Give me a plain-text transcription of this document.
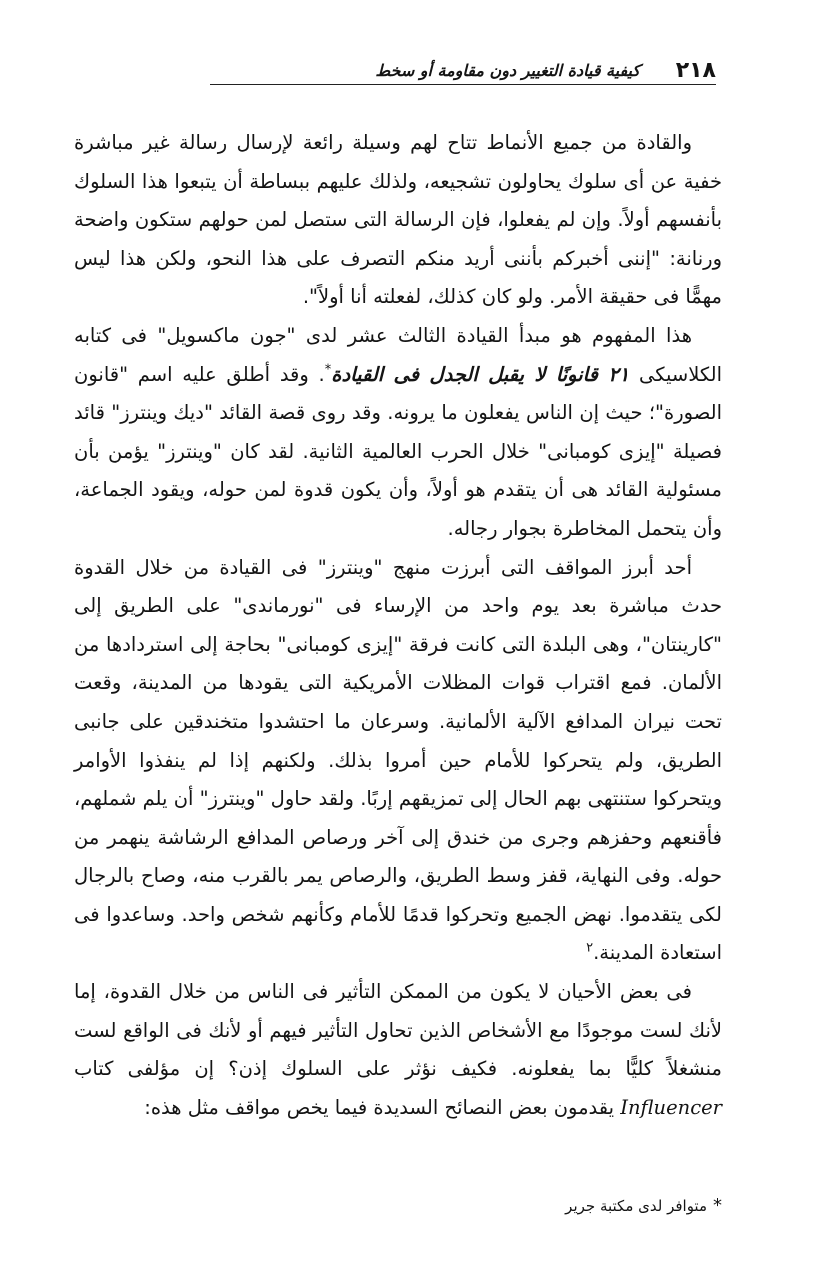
٢١٨
كيفية قيادة التغيير دون مقاومة أو سخط

والقادة من جميع الأنماط تتاح لهم وسيلة رائعة لإرسال رسالة غير مباشرة خفية عن أى سلوك يحاولون تشجيعه، ولذلك عليهم ببساطة أن يتبعوا هذا السلوك بأنفسهم أولاً. وإن لم يفعلوا، فإن الرسالة التى ستصل لمن حولهم ستكون واضحة ورنانة: "إننى أخبركم بأننى أريد منكم التصرف على هذا النحو، ولكن هذا ليس مهمًّا فى حقيقة الأمر. ولو كان كذلك، لفعلته أنا أولاً".

هذا المفهوم هو مبدأ القيادة الثالث عشر لدى "جون ماكسويل" فى كتابه الكلاسيكى ٢١ قانونًا لا يقبل الجدل فى القيادة*. وقد أطلق عليه اسم "قانون الصورة"؛ حيث إن الناس يفعلون ما يرونه. وقد روى قصة القائد "ديك وينترز" قائد فصيلة "إيزى كومبانى" خلال الحرب العالمية الثانية. لقد كان "وينترز" يؤمن بأن مسئولية القائد هى أن يتقدم هو أولاً، وأن يكون قدوة لمن حوله، ويقود الجماعة، وأن يتحمل المخاطرة بجوار رجاله.

أحد أبرز المواقف التى أبرزت منهج "وينترز" فى القيادة من خلال القدوة حدث مباشرة بعد يوم واحد من الإرساء فى "نورماندى" على الطريق إلى "كارينتان"، وهى البلدة التى كانت فرقة "إيزى كومبانى" بحاجة إلى استردادها من الألمان. فمع اقتراب قوات المظلات الأمريكية التى يقودها من المدينة، وقعت تحت نيران المدافع الآلية الألمانية. وسرعان ما احتشدوا متخندقين على جانبى الطريق، ولم يتحركوا للأمام حين أمروا بذلك. ولكنهم إذا لم ينفذوا الأوامر ويتحركوا ستنتهى بهم الحال إلى تمزيقهم إربًا. ولقد حاول "وينترز" أن يلم شملهم، فأقنعهم وحفزهم وجرى من خندق إلى آخر ورصاص المدافع الرشاشة ينهمر من حوله. وفى النهاية، قفز وسط الطريق، والرصاص يمر بالقرب منه، وصاح بالرجال لكى يتقدموا. نهض الجميع وتحركوا قدمًا للأمام وكأنهم شخص واحد. وساعدوا فى استعادة المدينة.$^٢$

فى بعض الأحيان لا يكون من الممكن التأثير فى الناس من خلال القدوة، إما لأنك لست موجودًا مع الأشخاص الذين تحاول التأثير فيهم أو لأنك فى الواقع لست منشغلاً كليًّا بما يفعلونه. فكيف نؤثر على السلوك إذن؟ إن مؤلفى كتاب Influencer يقدمون بعض النصائح السديدة فيما يخص مواقف مثل هذه:

*متوافر لدى مكتبة جرير
